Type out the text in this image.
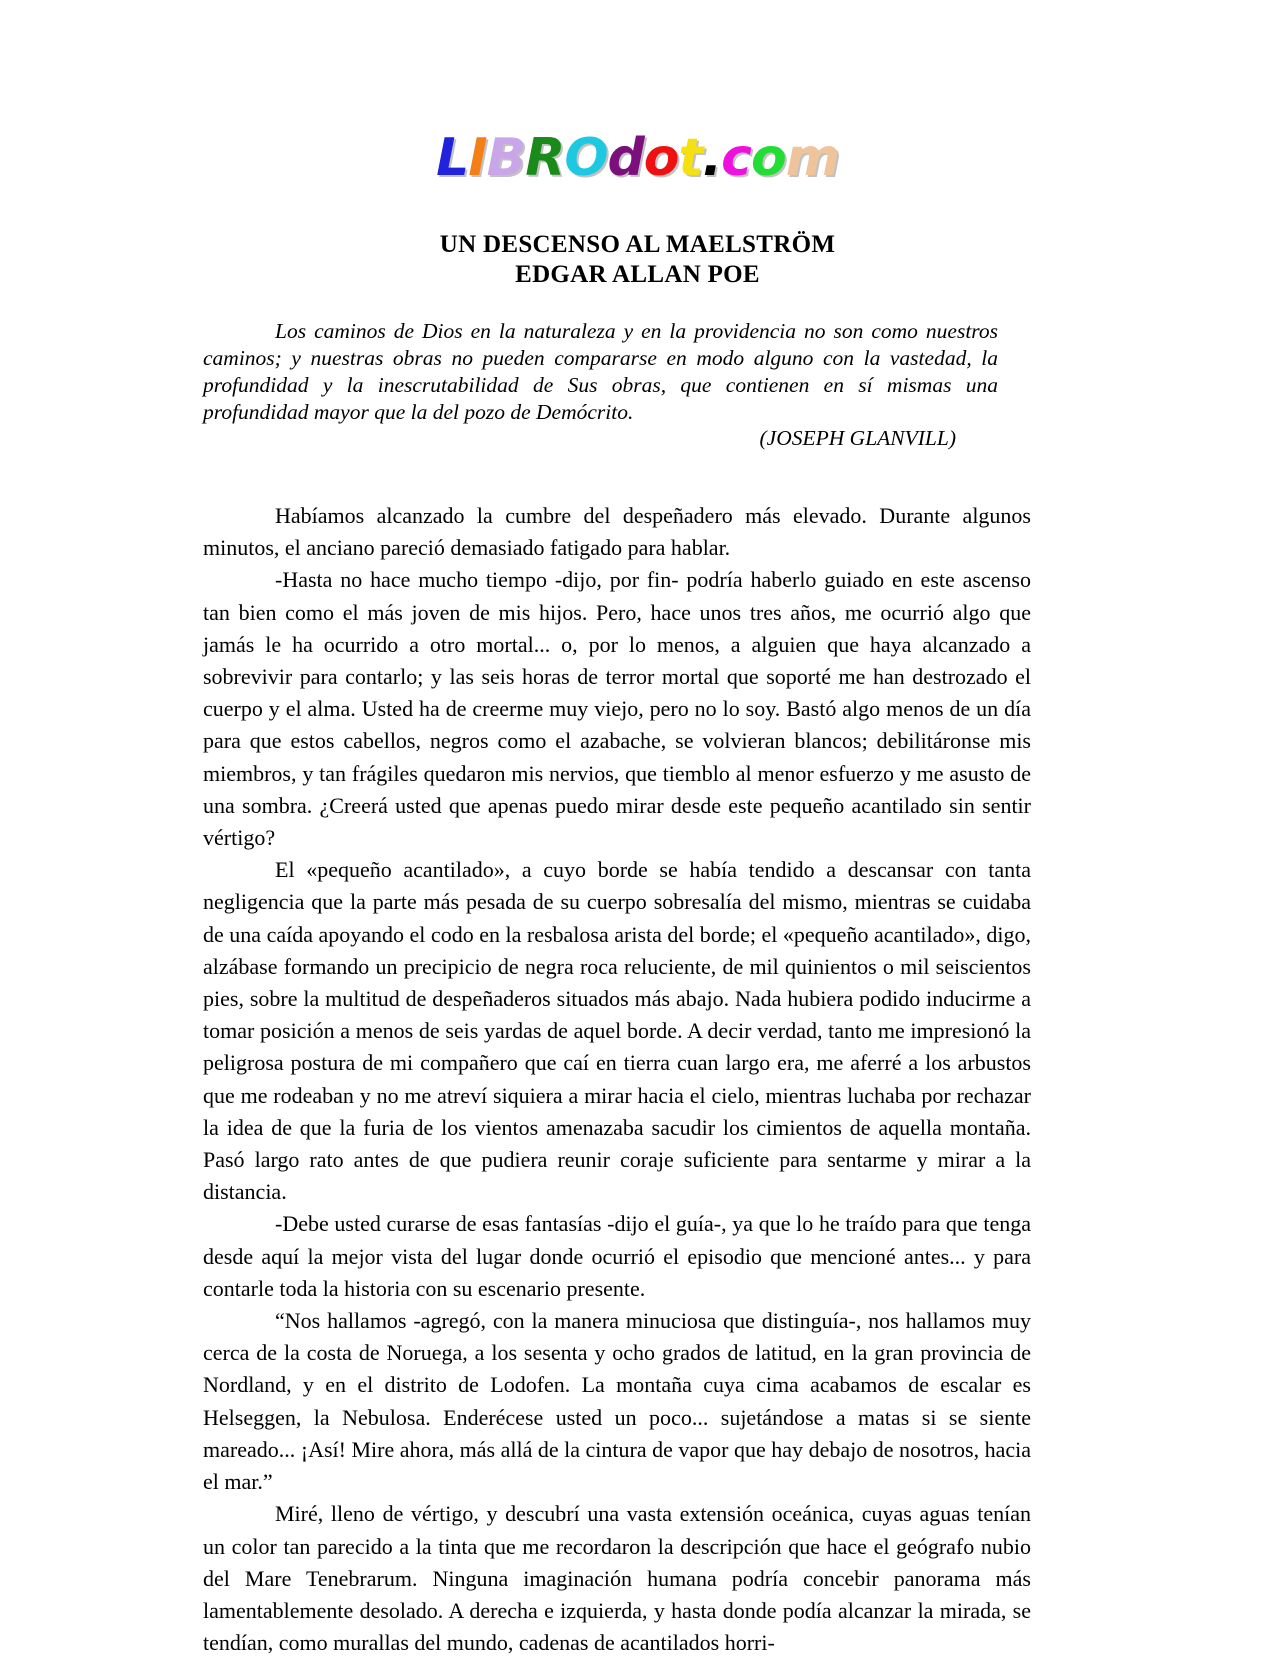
LIBROdot.com
UN DESCENSO AL MAELSTRÖM
EDGAR ALLAN POE
Los caminos de Dios en la naturaleza y en la providencia no son como nuestros caminos; y nuestras obras no pueden compararse en modo alguno con la vastedad, la profundidad y la inescrutabilidad de Sus obras, que contienen en sí mismas una profundidad mayor que la del pozo de Demócrito.
(JOSEPH GLANVILL)

Habíamos alcanzado la cumbre del despeñadero más elevado. Durante algunos minutos, el anciano pareció demasiado fatigado para hablar.

-Hasta no hace mucho tiempo -dijo, por fin- podría haberlo guiado en este ascenso tan bien como el más joven de mis hijos. Pero, hace unos tres años, me ocurrió algo que jamás le ha ocurrido a otro mortal... o, por lo menos, a alguien que haya alcanzado a sobrevivir para contarlo; y las seis horas de terror mortal que soporté me han destrozado el cuerpo y el alma. Usted ha de creerme muy viejo, pero no lo soy. Bastó algo menos de un día para que estos cabellos, negros como el azabache, se volvieran blancos; debilitáronse mis miembros, y tan frágiles quedaron mis nervios, que tiemblo al menor esfuerzo y me asusto de una sombra. ¿Creerá usted que apenas puedo mirar desde este pequeño acantilado sin sentir vértigo?

El «pequeño acantilado», a cuyo borde se había tendido a descansar con tanta negligencia que la parte más pesada de su cuerpo sobresalía del mismo, mientras se cuidaba de una caída apoyando el codo en la resbalosa arista del borde; el «pequeño acantilado», digo, alzábase formando un precipicio de negra roca reluciente, de mil quinientos o mil seiscientos pies, sobre la multitud de despeñaderos situados más abajo. Nada hubiera podido inducirme a tomar posición a menos de seis yardas de aquel borde. A decir verdad, tanto me impresionó la peligrosa postura de mi compañero que caí en tierra cuan largo era, me aferré a los arbustos que me rodeaban y no me atreví siquiera a mirar hacia el cielo, mientras luchaba por rechazar la idea de que la furia de los vientos amenazaba sacudir los cimientos de aquella montaña. Pasó largo rato antes de que pudiera reunir coraje suficiente para sentarme y mirar a la distancia.

-Debe usted curarse de esas fantasías -dijo el guía-, ya que lo he traído para que tenga desde aquí la mejor vista del lugar donde ocurrió el episodio que mencioné antes... y para contarle toda la historia con su escenario presente.

“Nos hallamos -agregó, con la manera minuciosa que distinguía-, nos hallamos muy cerca de la costa de Noruega, a los sesenta y ocho grados de latitud, en la gran provincia de Nordland, y en el distrito de Lodofen. La montaña cuya cima acabamos de escalar es Helseggen, la Nebulosa. Enderécese usted un poco... sujetándose a matas si se siente mareado... ¡Así! Mire ahora, más allá de la cintura de vapor que hay debajo de nosotros, hacia el mar.”

Miré, lleno de vértigo, y descubrí una vasta extensión oceánica, cuyas aguas tenían un color tan parecido a la tinta que me recordaron la descripción que hace el geógrafo nubio del Mare Tenebrarum. Ninguna imaginación humana podría concebir panorama más lamentablemente desolado. A derecha e izquierda, y hasta donde podía alcanzar la mirada, se tendían, como murallas del mundo, cadenas de acantilados horri-
